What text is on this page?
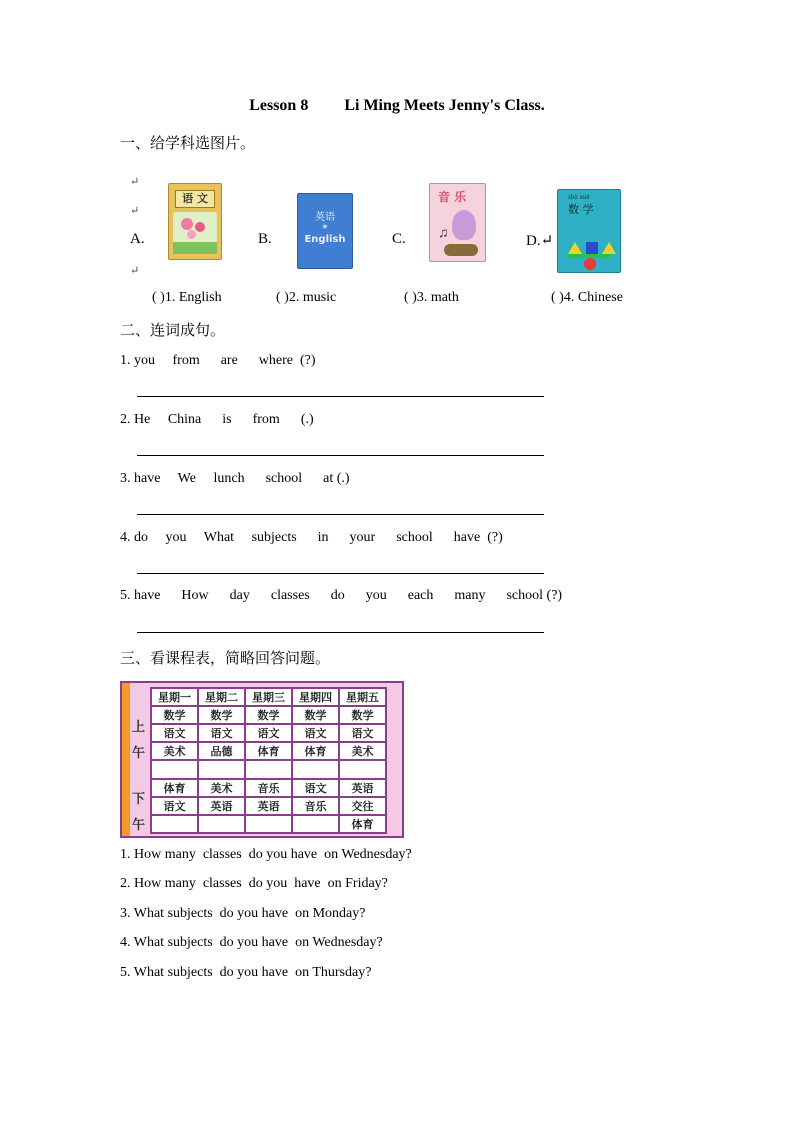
Lesson 8 Li Ming Meets Jenny's Class.
一、给学科选图片。
↵
↵
↵
A.	B.	C.	D.↵
语 文
英语
★
English
音 乐
♫
shù xué
数 学
( )1. English	( )2. music	( )3. math	( )4. Chinese
二、连词成句。
1. you     from      are      where  (?)
2. He     China      is      from      (.)
3. have     We     lunch      school      at (.)
4. do     you     What     subjects      in      your      school      have  (?)
5. have      How      day      classes      do      you      each      many      school (?)
三、看课程表，简略回答问题。
上
午
下
午
星期一	星期二	星期三	星期四	星期五
数学	数学	数学	数学	数学
语文	语文	语文	语文	语文
美术	品德	体育	体育	美术

体育	美术	音乐	语文	英语
语文	英语	英语	音乐	交往
				体育
1. How many  classes  do you have  on Wednesday?
2. How many  classes  do you  have  on Friday?
3. What subjects  do you have  on Monday?
4. What subjects  do you have  on Wednesday?
5. What subjects  do you have  on Thursday?
